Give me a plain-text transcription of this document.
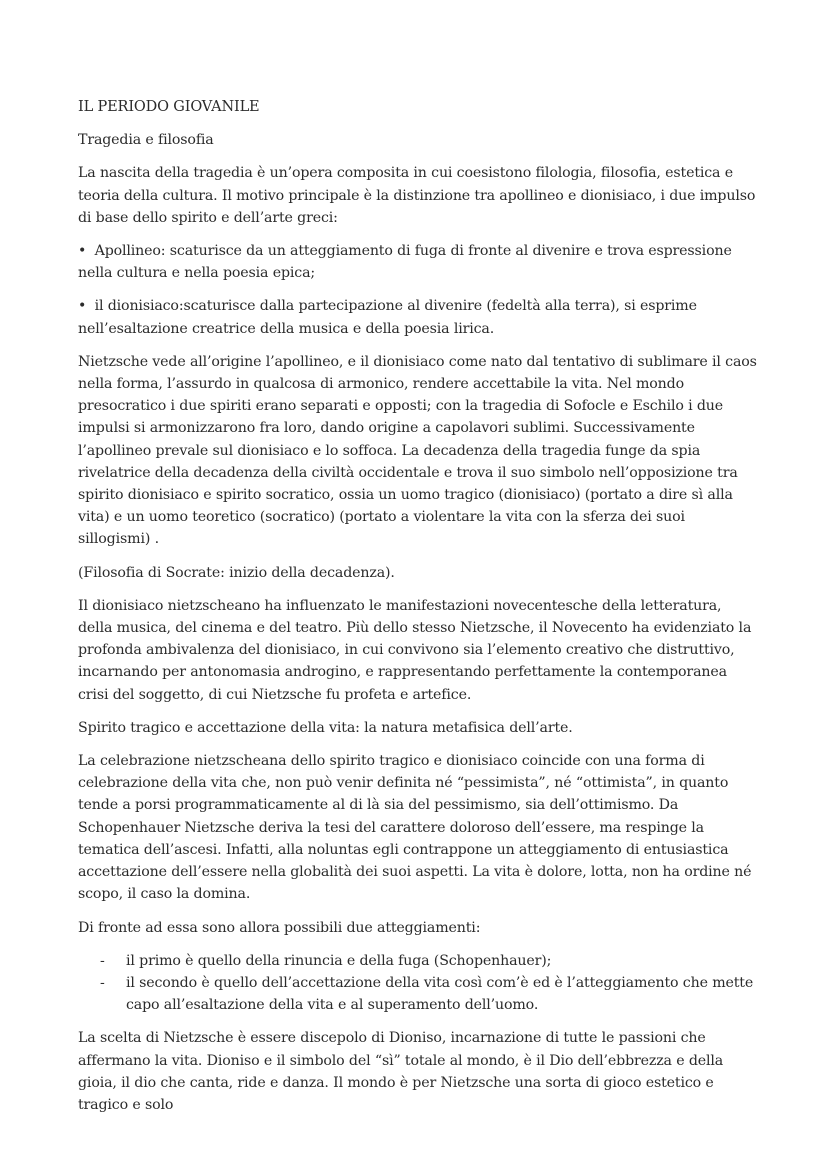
IL PERIODO GIOVANILE

Tragedia e filosofia

La nascita della tragedia è un’opera composita in cui coesistono filologia, filosofia, estetica e teoria della cultura. Il motivo principale è la distinzione tra apollineo e dionisiaco, i due impulso di base dello spirito e dell’arte greci:

• Apollineo: scaturisce da un atteggiamento di fuga di fronte al divenire e trova espressione nella cultura e nella poesia epica;

• il dionisiaco:scaturisce dalla partecipazione al divenire (fedeltà alla terra), si esprime nell’esaltazione creatrice della musica e della poesia lirica.

Nietzsche vede all’origine l’apollineo, e il dionisiaco come nato dal tentativo di sublimare il caos nella forma, l’assurdo in qualcosa di armonico, rendere accettabile la vita. Nel mondo presocratico i due spiriti erano separati e opposti; con la tragedia di Sofocle e Eschilo i due impulsi si armonizzarono fra loro, dando origine a capolavori sublimi. Successivamente l’apollineo prevale sul dionisiaco e lo soffoca. La decadenza della tragedia funge da spia rivelatrice della decadenza della civiltà occidentale e trova il suo simbolo nell’opposizione tra spirito dionisiaco e spirito socratico, ossia un uomo tragico (dionisiaco) (portato a dire sì alla vita) e un uomo teoretico (socratico) (portato a violentare la vita con la sferza dei suoi sillogismi) .

(Filosofia di Socrate: inizio della decadenza).

Il dionisiaco nietzscheano ha influenzato le manifestazioni novecentesche della letteratura, della musica, del cinema e del teatro. Più dello stesso Nietzsche, il Novecento ha evidenziato la profonda ambivalenza del dionisiaco, in cui convivono sia l’elemento creativo che distruttivo, incarnando per antonomasia androgino, e rappresentando perfettamente la contemporanea crisi del soggetto, di cui Nietzsche fu profeta e artefice.

Spirito tragico e accettazione della vita: la natura metafisica dell’arte.

La celebrazione nietzscheana dello spirito tragico e dionisiaco coincide con una forma di celebrazione della vita che, non può venir definita né “pessimista”, né “ottimista”, in quanto tende a porsi programmaticamente al di là sia del pessimismo, sia dell’ottimismo. Da Schopenhauer Nietzsche deriva la tesi del carattere doloroso dell’essere, ma respinge la tematica dell’ascesi. Infatti, alla noluntas egli contrappone un atteggiamento di entusiastica accettazione dell’essere nella globalità dei suoi aspetti. La vita è dolore, lotta, non ha ordine né scopo, il caso la domina.

Di fronte ad essa sono allora possibili due atteggiamenti:

- il primo è quello della rinuncia e della fuga (Schopenhauer);
- il secondo è quello dell’accettazione della vita così com’è ed è l’atteggiamento che mette capo all’esaltazione della vita e al superamento dell’uomo.

La scelta di Nietzsche è essere discepolo di Dioniso, incarnazione di tutte le passioni che affermano la vita. Dioniso e il simbolo del “sì” totale al mondo, è il Dio dell’ebbrezza e della gioia, il dio che canta, ride e danza. Il mondo è per Nietzsche una sorta di gioco estetico e tragico e solo
